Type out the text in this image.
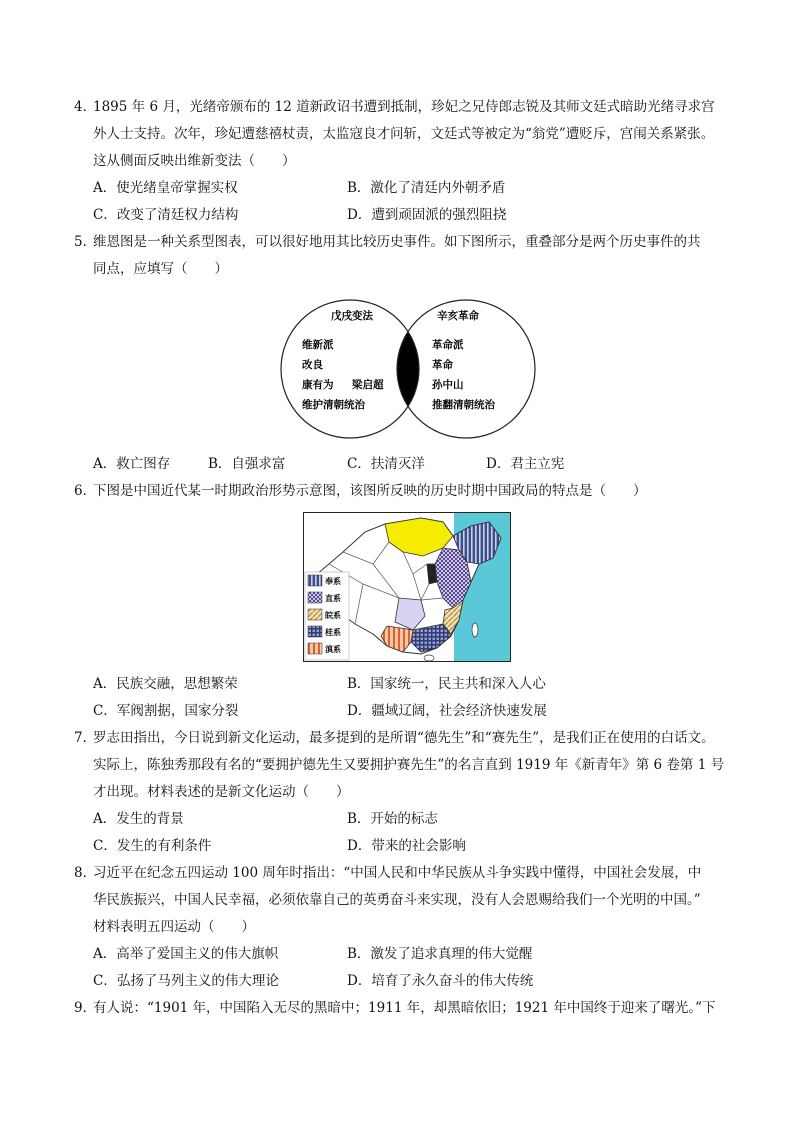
4．

1895 年 6 月，光绪帝颁布的 12 道新政诏书遭到抵制，珍妃之兄侍郎志锐及其师文廷式暗助光绪寻求宫

外人士支持。次年，珍妃遭慈禧杖责，太监寇良才问斩，文廷式等被定为“翁党”遭贬斥，宫闱关系紧张。

这从侧面反映出维新变法（　　）

A．使光绪皇帝掌握实权	B．激化了清廷内外朝矛盾
C．改变了清廷权力结构	D．遭到顽固派的强烈阻挠
5．

维恩图是一种关系型图表，可以很好地用其比较历史事件。如下图所示，重叠部分是两个历史事件的共

同点，应填写（　　）

戊戌变法
维新派
改良
康有为 梁启超
维护清朝统治
辛亥革命
革命派
革命
孙中山
推翻清朝统治
A．救亡图存	B．自强求富	C．扶清灭洋	D．君主立宪
6．

下图是中国近代某一时期政治形势示意图，该图所反映的历史时期中国政局的特点是（　　）

奉系
直系
皖系
桂系
滇系
A．民族交融，思想繁荣	B．国家统一，民主共和深入人心
C．军阀割据，国家分裂	D．疆域辽阔，社会经济快速发展
7．

罗志田指出，今日说到新文化运动，最多提到的是所谓“德先生”和“赛先生”，是我们正在使用的白话文。

实际上，陈独秀那段有名的“要拥护德先生又要拥护赛先生”的名言直到 1919 年《新青年》第 6 卷第 1 号

才出现。材料表述的是新文化运动（　　）

A．发生的背景	B．开始的标志
C．发生的有利条件	D．带来的社会影响
8．

习近平在纪念五四运动 100 周年时指出：“中国人民和中华民族从斗争实践中懂得，中国社会发展，中

华民族振兴，中国人民幸福，必须依靠自己的英勇奋斗来实现，没有人会恩赐给我们一个光明的中国。”

材料表明五四运动（　　）

A．高举了爱国主义的伟大旗帜	B．激发了追求真理的伟大觉醒
C．弘扬了马列主义的伟大理论	D．培育了永久奋斗的伟大传统
9．

有人说：“1901 年，中国陷入无尽的黑暗中；1911 年，却黑暗依旧；1921 年中国终于迎来了曙光。”下
